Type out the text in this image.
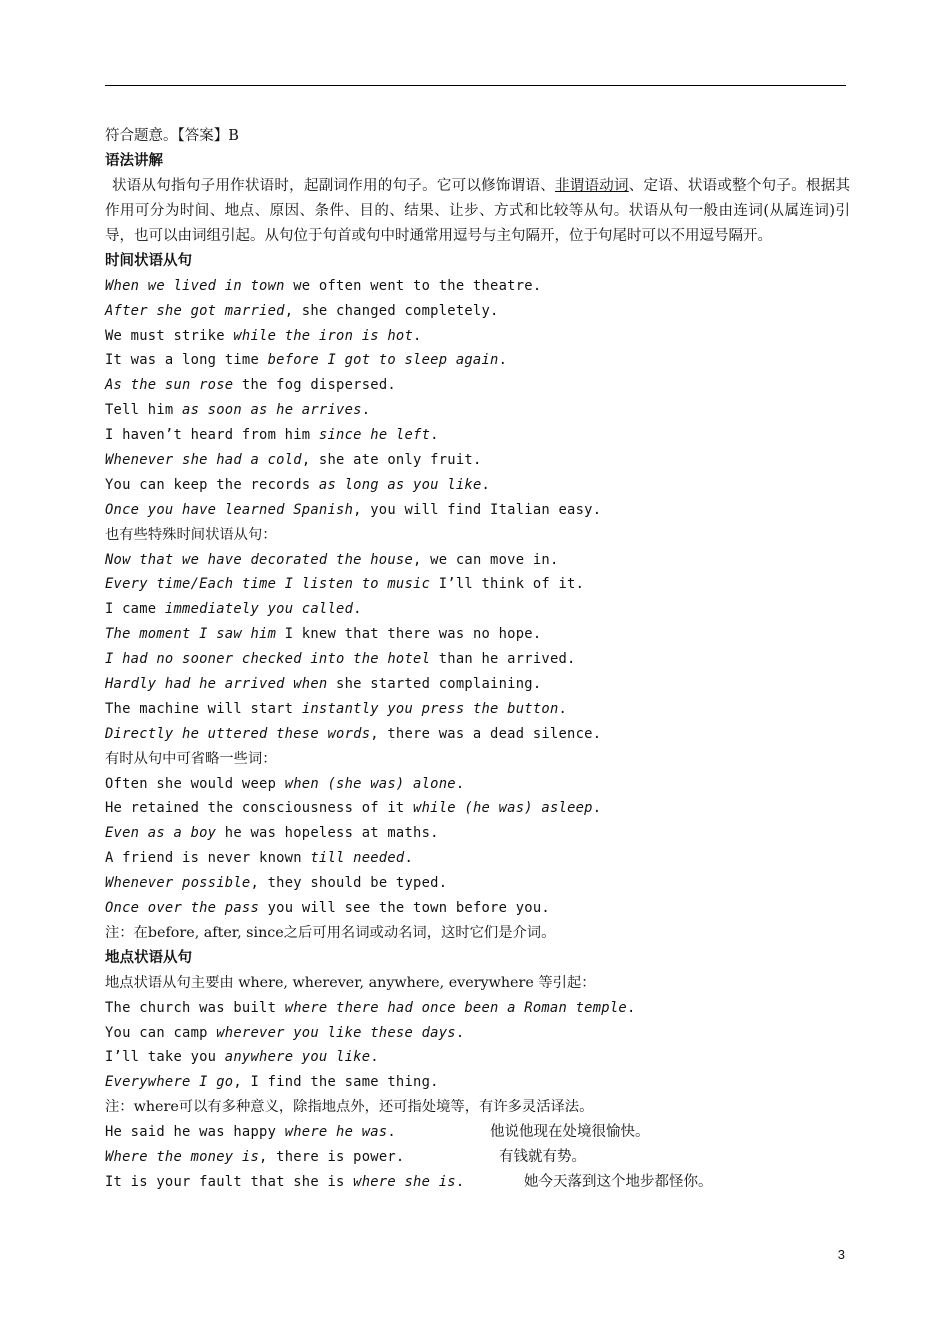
符合题意。【答案】B

语法讲解

状语从句指句子用作状语时，起副词作用的句子。它可以修饰谓语、非谓语动词、定语、状语或整个句子。根据其作用可分为时间、地点、原因、条件、目的、结果、让步、方式和比较等从句。状语从句一般由连词(从属连词)引导，也可以由词组引起。从句位于句首或句中时通常用逗号与主句隔开，位于句尾时可以不用逗号隔开。

时间状语从句

When we lived in town we often went to the theatre.

After she got married, she changed completely.

We must strike while the iron is hot.

It was a long time before I got to sleep again.

As the sun rose the fog dispersed.

Tell him as soon as he arrives.

I haven’t heard from him since he left.

Whenever she had a cold, she ate only fruit.

You can keep the records as long as you like.

Once you have learned Spanish, you will find Italian easy.

也有些特殊时间状语从句：

Now that we have decorated the house, we can move in.

Every time/Each time I listen to music I’ll think of it.

I came immediately you called.

The moment I saw him I knew that there was no hope.

I had no sooner checked into the hotel than he arrived.

Hardly had he arrived when she started complaining.

The machine will start instantly you press the button.

Directly he uttered these words, there was a dead silence.

有时从句中可省略一些词：

Often she would weep when (she was) alone.

He retained the consciousness of it while (he was) asleep.

Even as a boy he was hopeless at maths.

A friend is never known till needed.

Whenever possible, they should be typed.

Once over the pass you will see the town before you.

注：在before, after, since之后可用名词或动名词，这时它们是介词。

地点状语从句

地点状语从句主要由 where, wherever, anywhere, everywhere 等引起：

The church was built where there had once been a Roman temple.

You can camp wherever you like these days.

I’ll take you anywhere you like.

Everywhere I go, I find the same thing.

注：where可以有多种意义，除指地点外，还可指处境等，有许多灵活译法。

He said he was happy where he was.	他说他现在处境很愉快。

Where the money is, there is power.	有钱就有势。

It is your fault that she is where she is.	她今天落到这个地步都怪你。

3
